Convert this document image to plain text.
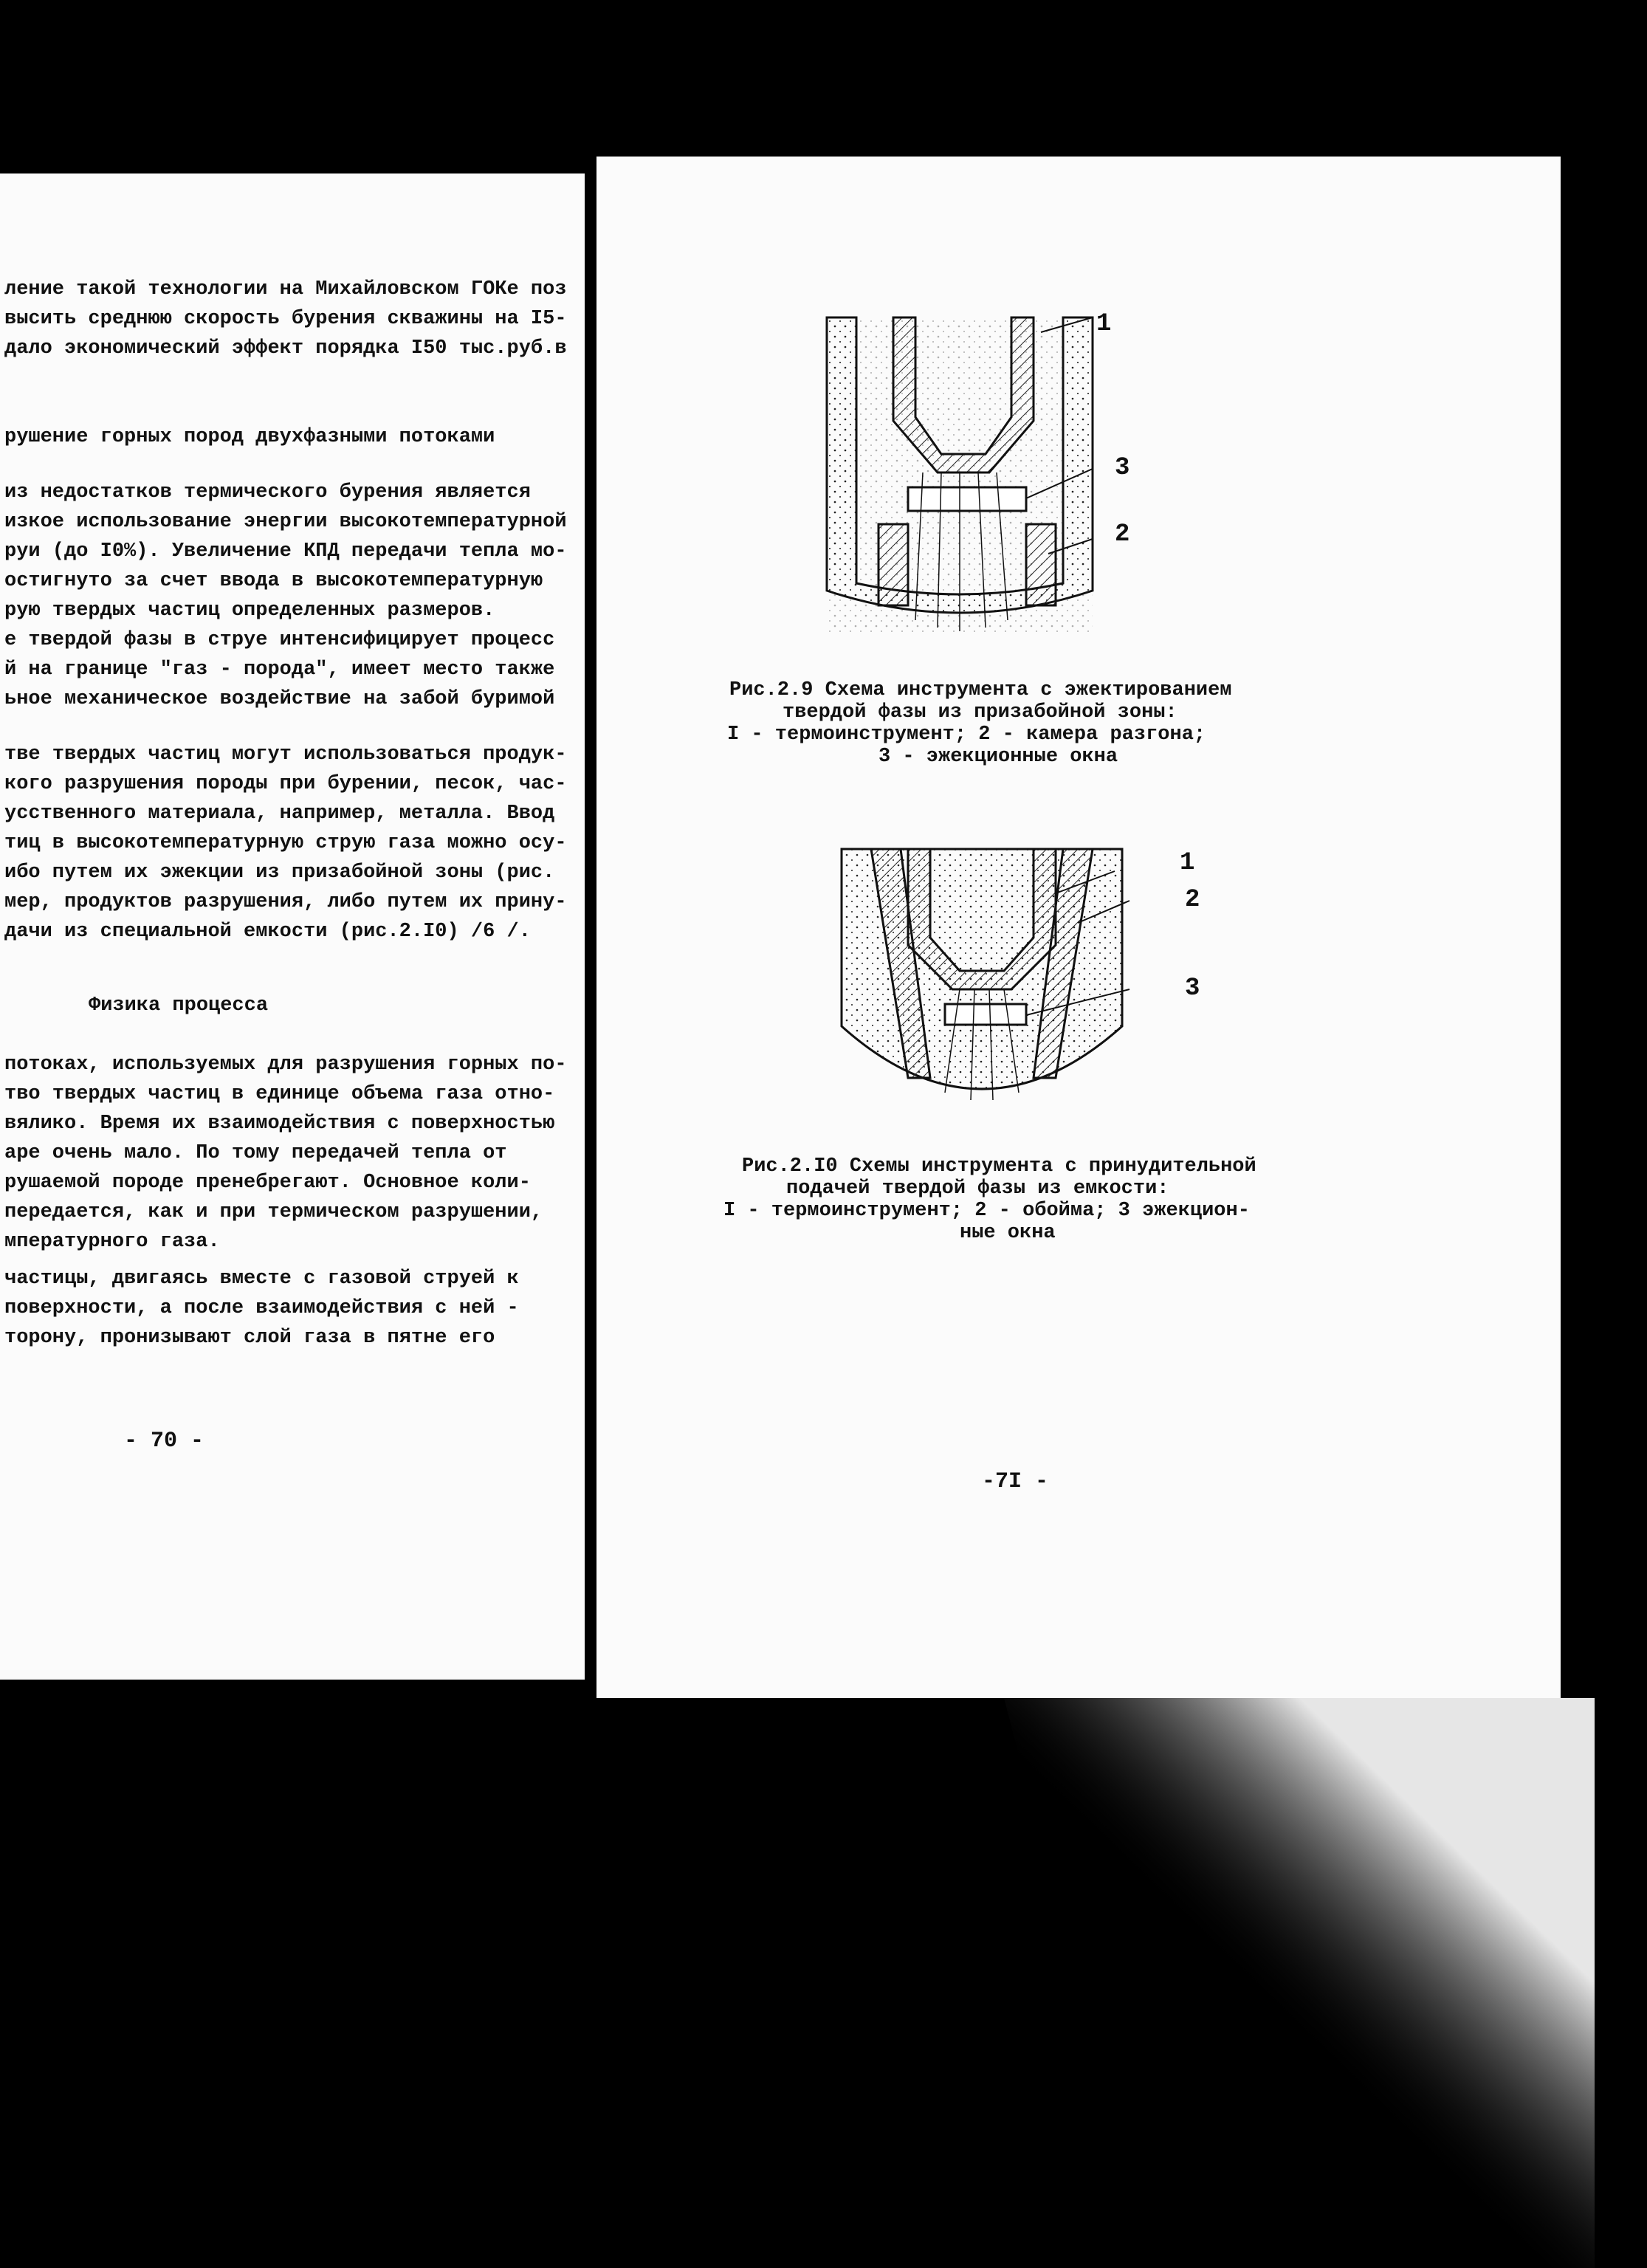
ление такой технологии на Михайловском ГОКе поз
высить среднюю скорость бурения скважины на I5-
дало экономический эффект порядка I50 тыс.руб.в
рушение горных пород двухфазными потоками
из недостатков термического бурения является
изкое использование энергии высокотемпературной
руи (до I0%). Увеличение КПД передачи тепла мо-
остигнуто за счет ввода в высокотемпературную
рую твердых частиц определенных размеров.
е твердой фазы в струе интенсифицирует процесс
й на границе "газ - порода", имеет место также
ьное механическое воздействие на забой буримой
тве твердых частиц могут использоваться продук-
кого разрушения породы при бурении, песок, час-
усственного материала, например, металла. Ввод
тиц в высокотемпературную струю газа можно осу-
ибо путем их эжекции из призабойной зоны (рис.
мер, продуктов разрушения, либо путем их прину-
дачи из специальной емкости (рис.2.I0) /6 /.
Физика процесса
потоках, используемых для разрушения горных по-
тво твердых частиц в единице объема газа отно-
вялико. Время их взаимодействия с поверхностью
аре очень мало. По тому передачей тепла от
рушаемой породе пренебрегают. Основное коли-
передается, как и при термическом разрушении,
мпературного газа.
частицы, двигаясь вместе с газовой струей к
поверхности, а после взаимодействия с ней -
торону, пронизывают слой газа в пятне его
- 70 -
1
3
2
Рис.2.9 Схема инструмента с эжектированием
твердой фазы из призабойной зоны:
I - термоинструмент; 2 - камера разгона;
3 - эжекционные окна
1
2
3
Рис.2.I0 Схемы инструмента с принудительной
подачей твердой фазы из емкости:
I - термоинструмент; 2 - обойма; 3 эжекцион-
ные окна
-7I -
